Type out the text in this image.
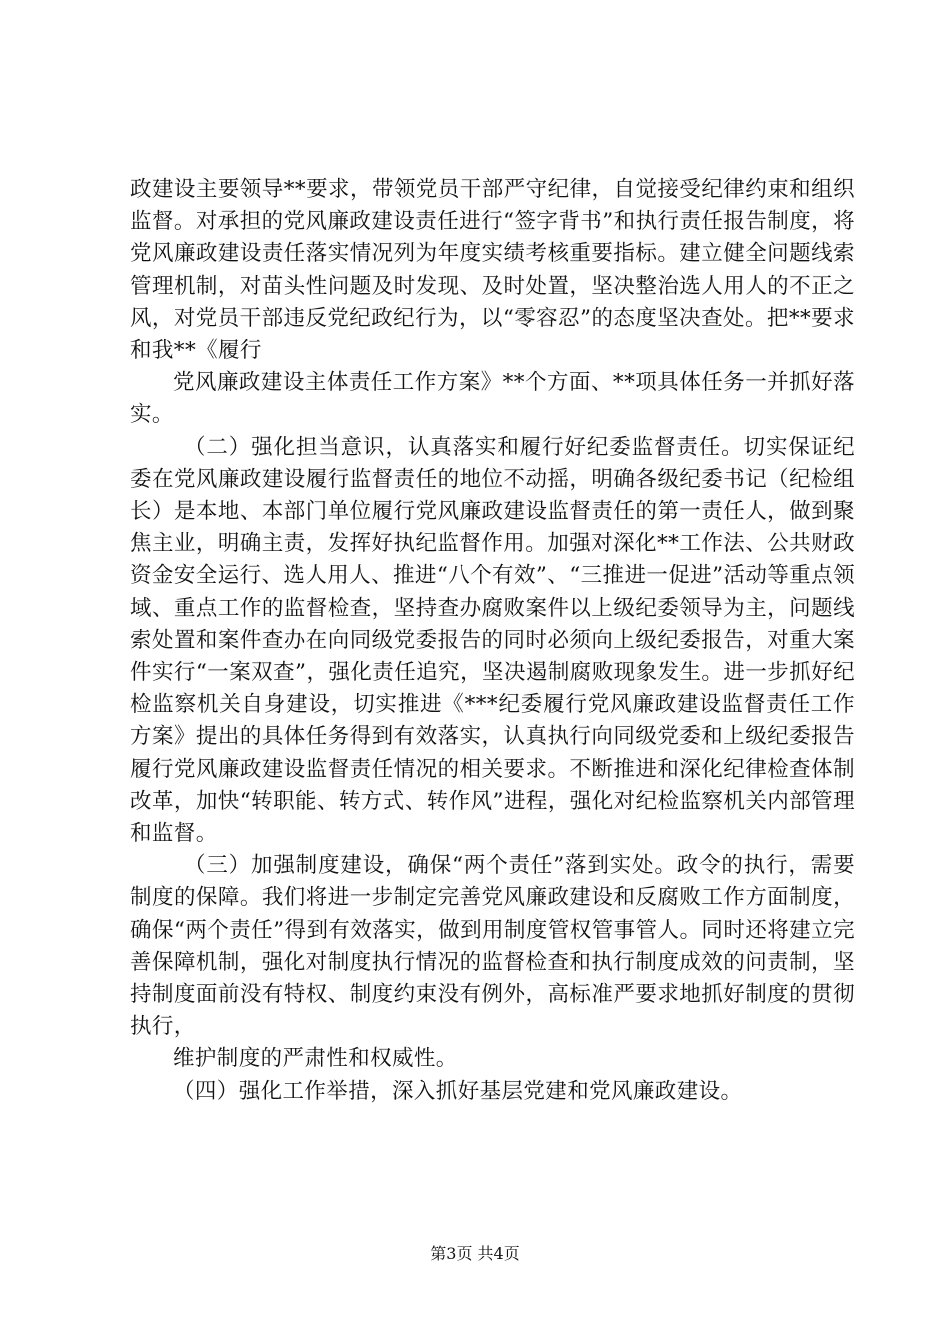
政建设主要领导**要求，带领党员干部严守纪律，自觉接受纪律约束和组织监督。对承担的党风廉政建设责任进行“签字背书”和执行责任报告制度，将党风廉政建设责任落实情况列为年度实绩考核重要指标。建立健全问题线索管理机制，对苗头性问题及时发现、及时处置，坚决整治选人用人的不正之风，对党员干部违反党纪政纪行为，以“零容忍”的态度坚决查处。把**要求和我**《履行

党风廉政建设主体责任工作方案》**个方面、**项具体任务一并抓好落实。

（二）强化担当意识，认真落实和履行好纪委监督责任。切实保证纪委在党风廉政建设履行监督责任的地位不动摇，明确各级纪委书记（纪检组长）是本地、本部门单位履行党风廉政建设监督责任的第一责任人，做到聚焦主业，明确主责，发挥好执纪监督作用。加强对深化**工作法、公共财政资金安全运行、选人用人、推进“八个有效”、“三推进一促进”活动等重点领域、重点工作的监督检查，坚持查办腐败案件以上级纪委领导为主，问题线索处置和案件查办在向同级党委报告的同时必须向上级纪委报告，对重大案件实行“一案双查”，强化责任追究，坚决遏制腐败现象发生。进一步抓好纪检监察机关自身建设，切实推进《***纪委履行党风廉政建设监督责任工作方案》提出的具体任务得到有效落实，认真执行向同级党委和上级纪委报告履行党风廉政建设监督责任情况的相关要求。不断推进和深化纪律检查体制改革，加快“转职能、转方式、转作风”进程，强化对纪检监察机关内部管理和监督。

（三）加强制度建设，确保“两个责任”落到实处。政令的执行，需要制度的保障。我们将进一步制定完善党风廉政建设和反腐败工作方面制度，确保“两个责任”得到有效落实，做到用制度管权管事管人。同时还将建立完善保障机制，强化对制度执行情况的监督检查和执行制度成效的问责制，坚持制度面前没有特权、制度约束没有例外，高标准严要求地抓好制度的贯彻执行，

维护制度的严肃性和权威性。

（四）强化工作举措，深入抓好基层党建和党风廉政建设。

第3页 共4页
